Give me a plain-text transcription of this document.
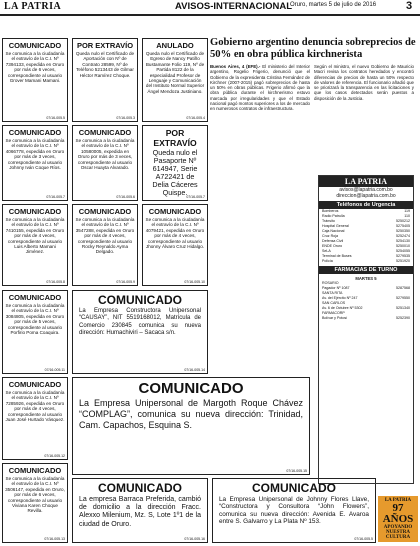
LA PATRIA	AVISOS-INTERNACIONAL
Oruro, martes 5 de julio de 2016	3
COMUNICADO
Se comunica a la ciudadanía el extravío de la C.I. Nº 7394133, expedida en Oruro por más de 6 veces, correspondiente al usuario Grover Mamani Mamani.
07/16-005.5
POR EXTRAVÍO
Queda nulo el Certificado de Aportación con Nº de Contrato 28599, Nº de Teléfono 5213443 de Gilmar Héctor Ramírez Choque.
07/16-005.3
ANULADO
Queda nulo el Certificado de Egreso de Nancy Patiño Bustamante Folio 119, Nº de Partida 8122 de la especialidad Profesor de Lenguaje y Comunicación del Instituto Normal Superior Ángel Mendoza Justiniano.
07/16-005.4
COMUNICADO
Se comunica a la ciudadanía el extravío de la C.I. Nº 4066778, expedida en Oruro por más de 3 veces, correspondiente al usuario Johnny Iván Coque Ríos.
07/16-005.7
COMUNICADO
Se comunica a la ciudadanía el extravío de la C.I. Nº 10580005, expedida en Oruro por más de 3 veces, correspondiente al usuario Oscar Huayta Alvarado.
07/16-005.6
POR EXTRAVÍO
Queda nulo el Pasaporte Nº 614947, Serie A722421 de Delia Cáceres Quispe.
07/16-005.7
COMUNICADO
Se comunica a la ciudadanía el extravío de la C.I. Nº 7410155, expedida en Oruro por más de 4 veces, correspondiente al usuario Luis Alberto Mamani Jiménez.
07/16-005.8
COMUNICADO
Se comunica a la ciudadanía el extravío de la C.I. Nº 3547288, expedida en Oruro por más de 4 veces, correspondiente al usuario Rocky Reynaldo Ayma Delgado.
07/16-005.9
COMUNICADO
Se comunica a la ciudadanía el extravío de la C.I. Nº 4079421, expedida en Oruro por más de 4 veces, correspondiente al usuario Jhonny Álvaro Cruz Hidalgo.
07/16-005.10
COMUNICADO
Se comunica a la ciudadanía el extravío de la C.I. Nº 3084805, expedida en Oruro por más de 5 veces, correspondiente al usuario Porfirio Poma Coaquira.
07/16-005.11
COMUNICADO
Se comunica a la ciudadanía el extravío de la C.I. Nº 7285926, expedida en Oruro por más de 4 veces, correspondiente al usuario Juan José Hurtado Vásquez.
07/16-005.12
COMUNICADO
Se comunica a la ciudadanía el extravío de la C.I. Nº 3506147, expedida en Oruro, por más de 6 veces, correspondiente al usuario Viviana Karen Choque Revilla.
07/16-005.13
COMUNICADO
La Empresa Constructora Unipersonal “CAUSAY”, NIT 5519168012, Matrícula de Comercio 230845 comunica su nueva dirección: Humachiviri – Sacaca s/n.
07/16-005.14
COMUNICADO
La Empresa Unipersonal de Margoth Roque Chávez “COMPLAG”, comunica su nueva dirección: Trinidad, Cam. Capachos, Esquina S.
07/16-005.15
COMUNICADO
La empresa Barraca Preferida, cambió de domicilio a la dirección Fracc. Alexxo Milenium, Mz. S, Lote 1º1 de la ciudad de Oruro.
07/16-005.16
COMUNICADO
La Empresa Unipersonal de Johnny Flores Llave, “Constructora y Consultora “John Flowers”, comunica su nueva dirección: Avenida E. Avaroa entre S. Galvarro y La Plata Nº 153.
07/16-005.5
Gobierno argentino denuncia sobreprecios de 50% en obra pública kirchnerista
Buenos Aires, 4 (EFE).- El ministerio del Interior argentino, Rogelio Frigerio, denunció que el Gobierno de la expresidenta Cristina Fernández de Kirchner (2007-2015) pagó sobreprecios de hasta un 50% en obras públicas. Frigerio afirmó que la obra pública durante el kirchnerismo estuvo marcada por irregularidades y que el Estado nacional pagó montos superiores a los de mercado en numerosos contratos de infraestructura.
Según el ministro, el nuevo Gobierno de Mauricio Macri revisa los contratos heredados y encontró diferencias de precios de hasta un 50% respecto de valores de referencia. El funcionario añadió que se priorizará la transparencia en las licitaciones y que los casos detectados serán puestos a disposición de la Justicia.
LA PATRIA
avisos@lapatria.com.bo
direccion@lapatria.com.bo
Teléfonos de Urgencia
Bomberos	119
Radio Patrulla	110
Tránsito	5250212
Hospital General	5275405
Caja Nacional	5250350
Cruz Roja	5252474
Defensa Civil	5254130
ENDE Oruro	5250010
SeLA	5254055
Terminal de Buses	5279535
Policía	5251920
FARMACIAS DE TURNO
MARTES 5
ROSARIO
Pagador Nº 1087	5287568
SANTA RITA
Av. del Ejército Nº 247	5279550
SAN CARLOS
Av. 6 de Octubre Nº 5302	5251340
FARMACORP
Bolívar y Potosí	5252390
LA PATRIA
97 AÑOS
APOYANDO
NUESTRA
CULTURA
